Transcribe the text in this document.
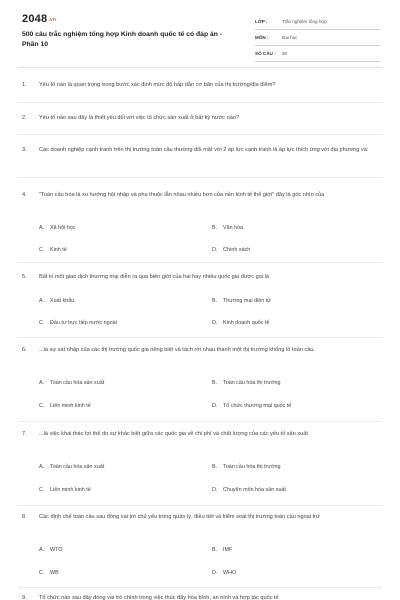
2048.vn
500 câu trắc nghiệm tổng hợp Kinh doanh quốc tế có đáp án - Phần 10
LỚP :	Trắc nghiệm tổng hợp
MÔN :	Đại học
SỐ CÂU :	30
1. Yếu tố nào là quan trọng trong bước xác định mức độ hấp dẫn cơ bản của thị trường/địa điểm?
2. Yếu tố nào sau đây là thiết yếu đối với việc tổ chức sản xuất ở bất kỳ nước nào?
3. Các doanh nghiệp cạnh tranh trên thị trường toàn cầu thường đối mặt với 2 áp lực cạnh tranh là áp lực thích ứng với địa phương và:
4. "Toàn cầu hóa là xu hướng hội nhập và phụ thuộc lẫn nhau nhiều hơn của nền kinh tế thế giới" đây là góc nhìn của
A. Xã hội học	B. Văn hóa
C. Kinh tế	D. Chính sách
5. Bất kì một giao dịch thương mại diễn ra qua biên giới của hai hay nhiều quốc gia được gọi là
A. Xuất khẩu	B. Thương mại điện tử
C. Đầu tư trực tiếp nước ngoài	D. Kinh doanh quốc tế
6. ...là sự sát nhập của các thị trường quốc gia riêng biệt và tách rời nhau thành một thị trường khổng lồ toàn cầu.
A. Toàn cầu hóa sản xuất	B. Toàn cầu hóa thị trường
C. Liên minh kinh tế	D. Tổ chức thương mại quốc tế
7. ...là việc khai thác lợi thế do sự khác biệt giữa các quốc gia về chi phí và chất lượng của các yếu tố sản xuất
A. Toàn cầu hóa sản xuất	B. Toàn cầu hóa thị trường
C. Liên minh kinh tế	D. Chuyên môn hóa sản xuất
8. Các định chế toàn cầu sau đóng vai trò chủ yếu trong quản lý, điều tiết và kiểm soát thị trường toàn cầu ngoại trừ
A. WTO	B. IMF
C. WB	D. WHO
9. Tổ chức nào sau đây đóng vai trò chính trong việc thúc đẩy hòa bình, an ninh và hợp tác quốc tế
